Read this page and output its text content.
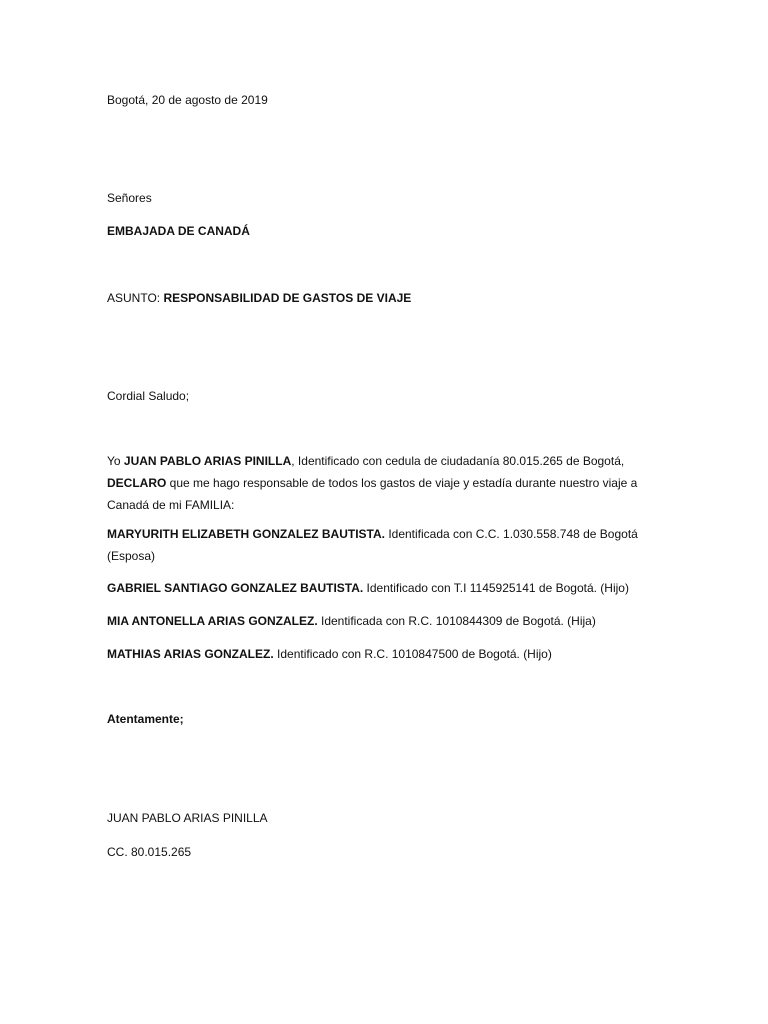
Bogotá, 20 de agosto de 2019
Señores
EMBAJADA DE CANADÁ
ASUNTO: RESPONSABILIDAD DE GASTOS DE VIAJE
Cordial Saludo;
Yo JUAN PABLO ARIAS PINILLA, Identificado con cedula de ciudadanía 80.015.265 de Bogotá,
DECLARO que me hago responsable de todos los gastos de viaje y estadía durante nuestro viaje a
Canadá de mi FAMILIA:
MARYURITH ELIZABETH GONZALEZ BAUTISTA. Identificada con C.C. 1.030.558.748 de Bogotá
(Esposa)
GABRIEL SANTIAGO GONZALEZ BAUTISTA. Identificado con T.I 1145925141 de Bogotá. (Hijo)
MIA ANTONELLA ARIAS GONZALEZ. Identificada con R.C. 1010844309 de Bogotá. (Hija)
MATHIAS ARIAS GONZALEZ. Identificado con R.C. 1010847500 de Bogotá. (Hijo)
Atentamente;
JUAN PABLO ARIAS PINILLA
CC. 80.015.265
